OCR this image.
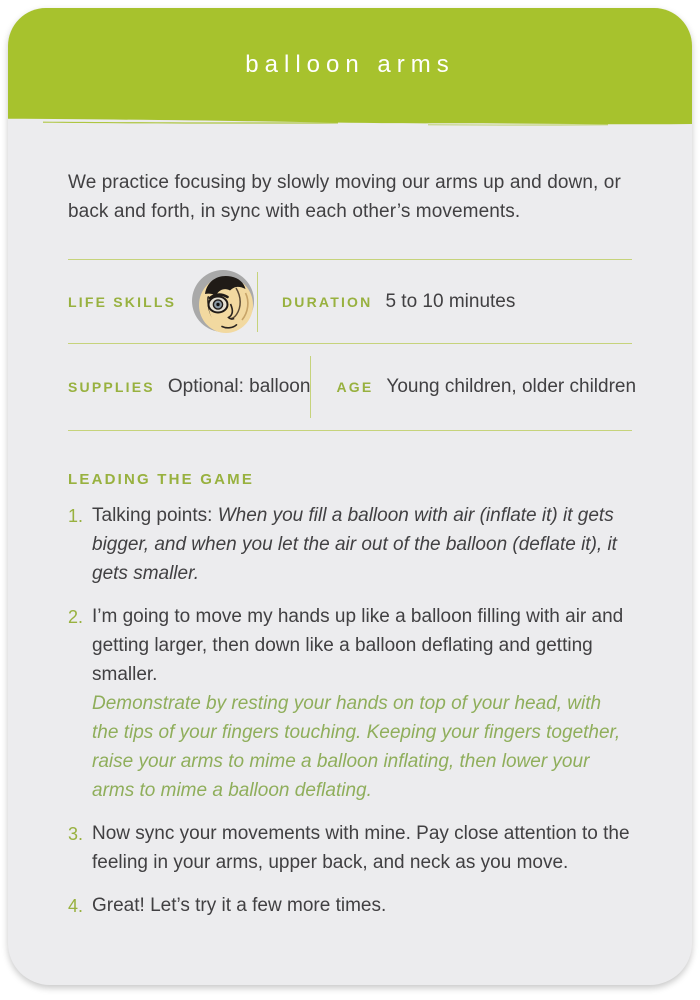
balloon arms

We practice focusing by slowly moving our arms up and down, or back and forth, in sync with each other’s movements.

LIFE SKILLS	DURATION 5 to 10 minutes
SUPPLIES Optional: balloon AGE Young children, older children
LEADING THE GAME
1. Talking points: When you fill a balloon with air (inflate it) it gets bigger, and when you let the air out of the balloon (deflate it), it gets smaller.

2. I’m going to move my hands up like a balloon filling with air and getting larger, then down like a balloon deflating and getting smaller.

Demonstrate by resting your hands on top of your head, with the tips of your fingers touching. Keeping your fingers together, raise your arms to mime a balloon inflating, then lower your arms to mime a balloon deflating.

3. Now sync your movements with mine. Pay close attention to the feeling in your arms, upper back, and neck as you move.

4. Great! Let’s try it a few more times.
